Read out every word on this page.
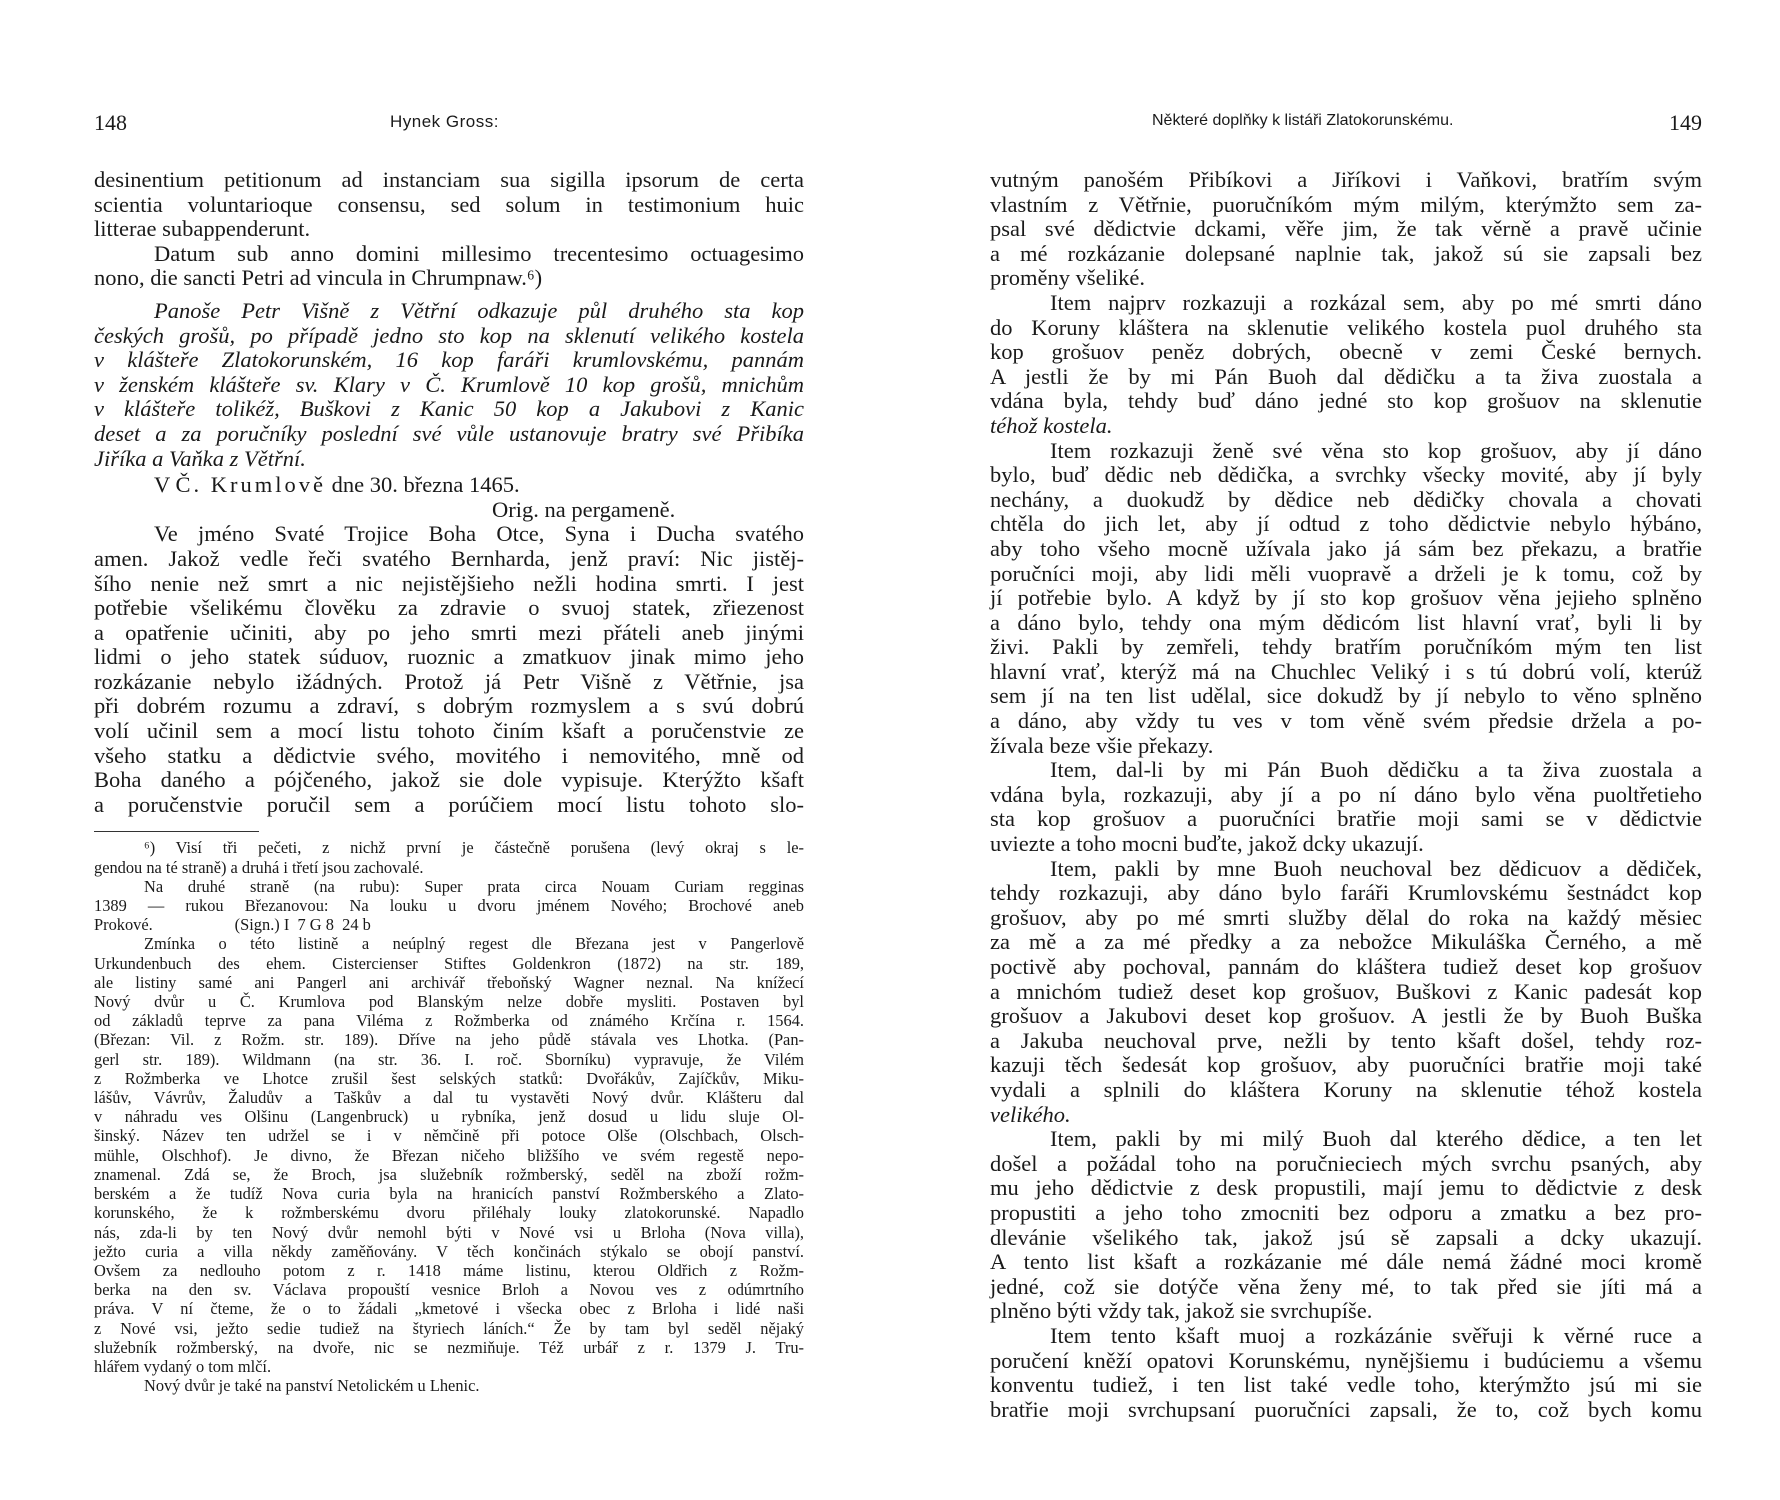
148	Hynek Gross:
desinentium petitionum ad instanciam sua sigilla ipsorum de certa
scientia voluntarioque consensu, sed solum in testimonium huic
litterae subappenderunt.
Datum sub anno domini millesimo trecentesimo octuagesimo
nono, die sancti Petri ad vincula in Chrumpnaw.⁶)
Panoše Petr Višně z Větřní odkazuje půl druhého sta kop
českých grošů, po případě jedno sto kop na sklenutí velikého kostela
v klášteře Zlatokorunském, 16 kop faráři krumlovskému, pannám
v ženském klášteře sv. Klary v Č. Krumlově 10 kop grošů, mnichům
v klášteře tolikéž, Buškovi z Kanic 50 kop a Jakubovi z Kanic
deset a za poručníky poslední své vůle ustanovuje bratry své Přibíka
Jiříka a Vaňka z Větřní.
V Č. Krumlově dne 30. března 1465.
Orig. na pergameně.
Ve jméno Svaté Trojice Boha Otce, Syna i Ducha svatého
amen. Jakož vedle řeči svatého Bernharda, jenž praví: Nic jistěj-
šího nenie než smrt a nic nejistějšieho nežli hodina smrti. I jest
potřebie všelikému člověku za zdravie o svuoj statek, zřiezenost
a opatřenie učiniti, aby po jeho smrti mezi přáteli aneb jinými
lidmi o jeho statek súduov, ruoznic a zmatkuov jinak mimo jeho
rozkázanie nebylo ižádných. Protož já Petr Višně z Větřnie, jsa
při dobrém rozumu a zdraví, s dobrým rozmyslem a s svú dobrú
volí učinil sem a mocí listu tohoto činím kšaft a poručenstvie ze
všeho statku a dědictvie svého, movitého i nemovitého, mně od
Boha daného a pójčeného, jakož sie dole vypisuje. Kterýžto kšaft
a poručenstvie poručil sem a porúčiem mocí listu tohoto slo-
⁶) Visí tři pečeti, z nichž první je částečně porušena (levý okraj s le-
gendou na té straně) a druhá i třetí jsou zachovalé.
Na druhé straně (na rubu): Super prata circa Nouam Curiam regginas
1389 — rukou Březanovou: Na louku u dvoru jménem Nového; Brochové aneb
Prokové.                    (Sign.) I  7 G 8  24 b
Zmínka o této listině a neúplný regest dle Březana jest v Pangerlově
Urkundenbuch des ehem. Cistercienser Stiftes Goldenkron (1872) na str. 189,
ale listiny samé ani Pangerl ani archivář třeboňský Wagner neznal. Na knížecí
Nový dvůr u Č. Krumlova pod Blanským nelze dobře mysliti. Postaven byl
od základů teprve za pana Viléma z Rožmberka od známého Krčína r. 1564.
(Březan: Vil. z Rožm. str. 189). Dříve na jeho půdě stávala ves Lhotka. (Pan-
gerl str. 189). Wildmann (na str. 36. I. roč. Sborníku) vypravuje, že Vilém
z Rožmberka ve Lhotce zrušil šest selských statků: Dvořákův, Zajíčkův, Miku-
lášův, Vávrův, Žaludův a Taškův a dal tu vystavěti Nový dvůr. Klášteru dal
v náhradu ves Olšinu (Langenbruck) u rybníka, jenž dosud u lidu sluje Ol-
šinský. Název ten udržel se i v němčině při potoce Olše (Olschbach, Olsch-
mühle, Olschhof). Je divno, že Březan ničeho bližšího ve svém regestě nepo-
znamenal. Zdá se, že Broch, jsa služebník rožmberský, seděl na zboží rožm-
berském a že tudíž Nova curia byla na hranicích panství Rožmberského a Zlato-
korunského, že k rožmberskému dvoru přiléhaly louky zlatokorunské. Napadlo
nás, zda-li by ten Nový dvůr nemohl býti v Nové vsi u Brloha (Nova villa),
ježto curia a villa někdy zaměňovány. V těch končinách stýkalo se obojí panství.
Ovšem za nedlouho potom z r. 1418 máme listinu, kterou Oldřich z Rožm-
berka na den sv. Václava propouští vesnice Brloh a Novou ves z odúmrtního
práva. V ní čteme, že o to žádali „kmetové i všecka obec z Brloha i lidé naši
z Nové vsi, ježto sedie tudiež na štyriech láních.“ Že by tam byl seděl nějaký
služebník rožmberský, na dvoře, nic se nezmiňuje. Též urbář z r. 1379 J. Tru-
hlářem vydaný o tom mlčí.
Nový dvůr je také na panství Netolickém u Lhenic.
Některé doplňky k listáři Zlatokorunskému.	149
vutným panošém Přibíkovi a Jiříkovi i Vaňkovi, bratřím svým
vlastním z Větřnie, puoručníkóm mým milým, kterýmžto sem za-
psal své dědictvie dckami, věře jim, že tak věrně a pravě učinie
a mé rozkázanie dolepsané naplnie tak, jakož sú sie zapsali bez
proměny všeliké.
Item najprv rozkazuji a rozkázal sem, aby po mé smrti dáno
do Koruny kláštera na sklenutie velikého kostela puol druhého sta
kop grošuov peněz dobrých, obecně v zemi České bernych.
A jestli že by mi Pán Buoh dal dědičku a ta živa zuostala a
vdána byla, tehdy buď dáno jedné sto kop grošuov na sklenutie
téhož kostela.
Item rozkazuji ženě své věna sto kop grošuov, aby jí dáno
bylo, buď dědic neb dědička, a svrchky všecky movité, aby jí byly
nechány, a duokudž by dědice neb dědičky chovala a chovati
chtěla do jich let, aby jí odtud z toho dědictvie nebylo hýbáno,
aby toho všeho mocně užívala jako já sám bez překazu, a bratřie
poručníci moji, aby lidi měli vuopravě a drželi je k tomu, což by
jí potřebie bylo. A když by jí sto kop grošuov věna jejieho splněno
a dáno bylo, tehdy ona mým dědicóm list hlavní vrať, byli li by
živi. Pakli by zemřeli, tehdy bratřím poručníkóm mým ten list
hlavní vrať, kterýž má na Chuchlec Veliký i s tú dobrú volí, kterúž
sem jí na ten list udělal, sice dokudž by jí nebylo to věno splněno
a dáno, aby vždy tu ves v tom věně svém předsie držela a po-
žívala beze všie překazy.
Item, dal-li by mi Pán Buoh dědičku a ta živa zuostala a
vdána byla, rozkazuji, aby jí a po ní dáno bylo věna puoltřetieho
sta kop grošuov a puoručníci bratřie moji sami se v dědictvie
uviezte a toho mocni buďte, jakož dcky ukazují.
Item, pakli by mne Buoh neuchoval bez dědicuov a dědiček,
tehdy rozkazuji, aby dáno bylo faráři Krumlovskému šestnádct kop
grošuov, aby po mé smrti služby dělal do roka na každý měsiec
za mě a za mé předky a za nebožce Mikuláška Černého, a mě
poctivě aby pochoval, pannám do kláštera tudiež deset kop grošuov
a mnichóm tudiež deset kop grošuov, Buškovi z Kanic padesát kop
grošuov a Jakubovi deset kop grošuov. A jestli že by Buoh Buška
a Jakuba neuchoval prve, nežli by tento kšaft došel, tehdy roz-
kazuji těch šedesát kop grošuov, aby puoručníci bratřie moji také
vydali a splnili do kláštera Koruny na sklenutie téhož kostela
velikého.
Item, pakli by mi milý Buoh dal kterého dědice, a ten let
došel a požádal toho na poručnieciech mých svrchu psaných, aby
mu jeho dědictvie z desk propustili, mají jemu to dědictvie z desk
propustiti a jeho toho zmocniti bez odporu a zmatku a bez pro-
dlevánie všelikého tak, jakož jsú sě zapsali a dcky ukazují.
A tento list kšaft a rozkázanie mé dále nemá žádné moci kromě
jedné, což sie dotýče věna ženy mé, to tak před sie jíti má a
plněno býti vždy tak, jakož sie svrchupíše.
Item tento kšaft muoj a rozkázánie svěřuji k věrné ruce a
poručení kněží opatovi Korunskému, nynějšiemu i budúciemu a všemu
konventu tudiež, i ten list také vedle toho, kterýmžto jsú mi sie
bratřie moji svrchupsaní puoručníci zapsali, že to, což bych komu
